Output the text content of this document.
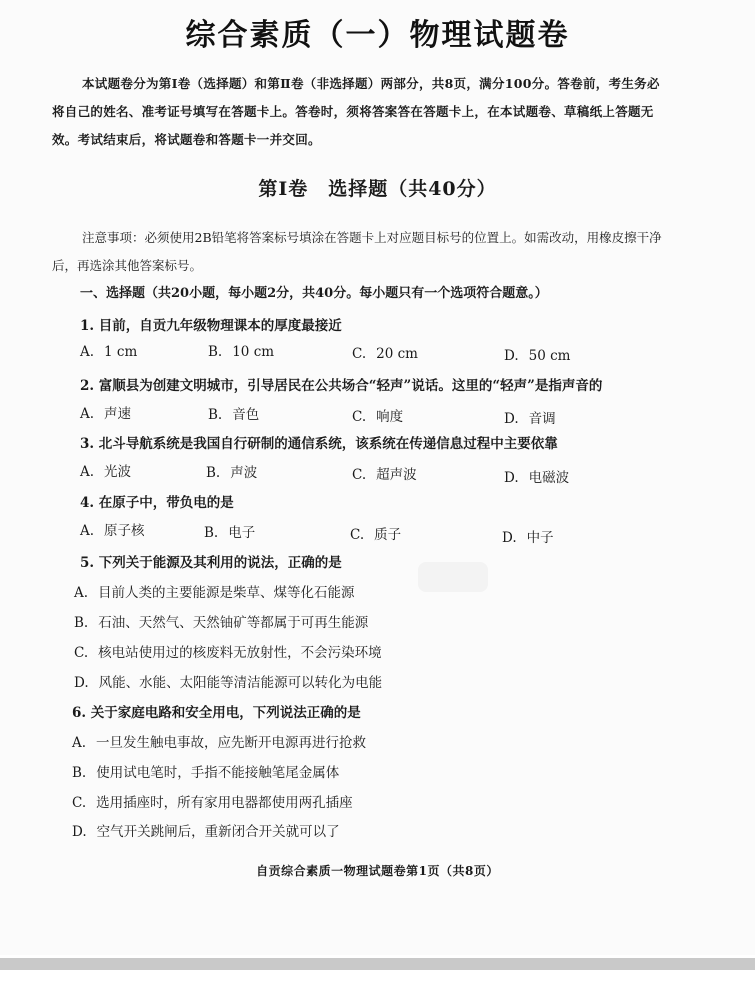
综合素质（一）物理试题卷
本试题卷分为第Ⅰ卷（选择题）和第Ⅱ卷（非选择题）两部分，共8页，满分100分。答卷前，考生务必将自己的姓名、准考证号填写在答题卡上。答卷时，须将答案答在答题卡上，在本试题卷、草稿纸上答题无效。考试结束后，将试题卷和答题卡一并交回。
第Ⅰ卷　选择题（共40分）
注意事项：必须使用2B铅笔将答案标号填涂在答题卡上对应题目标号的位置上。如需改动，用橡皮擦干净后，再选涂其他答案标号。
一、选择题（共20小题，每小题2分，共40分。每小题只有一个选项符合题意。）
1. 目前，自贡九年级物理课本的厚度最接近
A. 1 cm	B. 10 cm	C. 20 cm	D. 50 cm
2. 富顺县为创建文明城市，引导居民在公共场合“轻声”说话。这里的“轻声”是指声音的
A. 声速	B. 音色	C. 响度	D. 音调
3. 北斗导航系统是我国自行研制的通信系统，该系统在传递信息过程中主要依靠
A. 光波	B. 声波	C. 超声波	D. 电磁波
4. 在原子中，带负电的是
A. 原子核	B. 电子	C. 质子	D. 中子
5. 下列关于能源及其利用的说法，正确的是
A. 目前人类的主要能源是柴草、煤等化石能源
B. 石油、天然气、天然铀矿等都属于可再生能源
C. 核电站使用过的核废料无放射性，不会污染环境
D. 风能、水能、太阳能等清洁能源可以转化为电能
6. 关于家庭电路和安全用电，下列说法正确的是
A. 一旦发生触电事故，应先断开电源再进行抢救
B. 使用试电笔时，手指不能接触笔尾金属体
C. 选用插座时，所有家用电器都使用两孔插座
D. 空气开关跳闸后，重新闭合开关就可以了
自贡综合素质一物理试题卷第1页（共8页）
